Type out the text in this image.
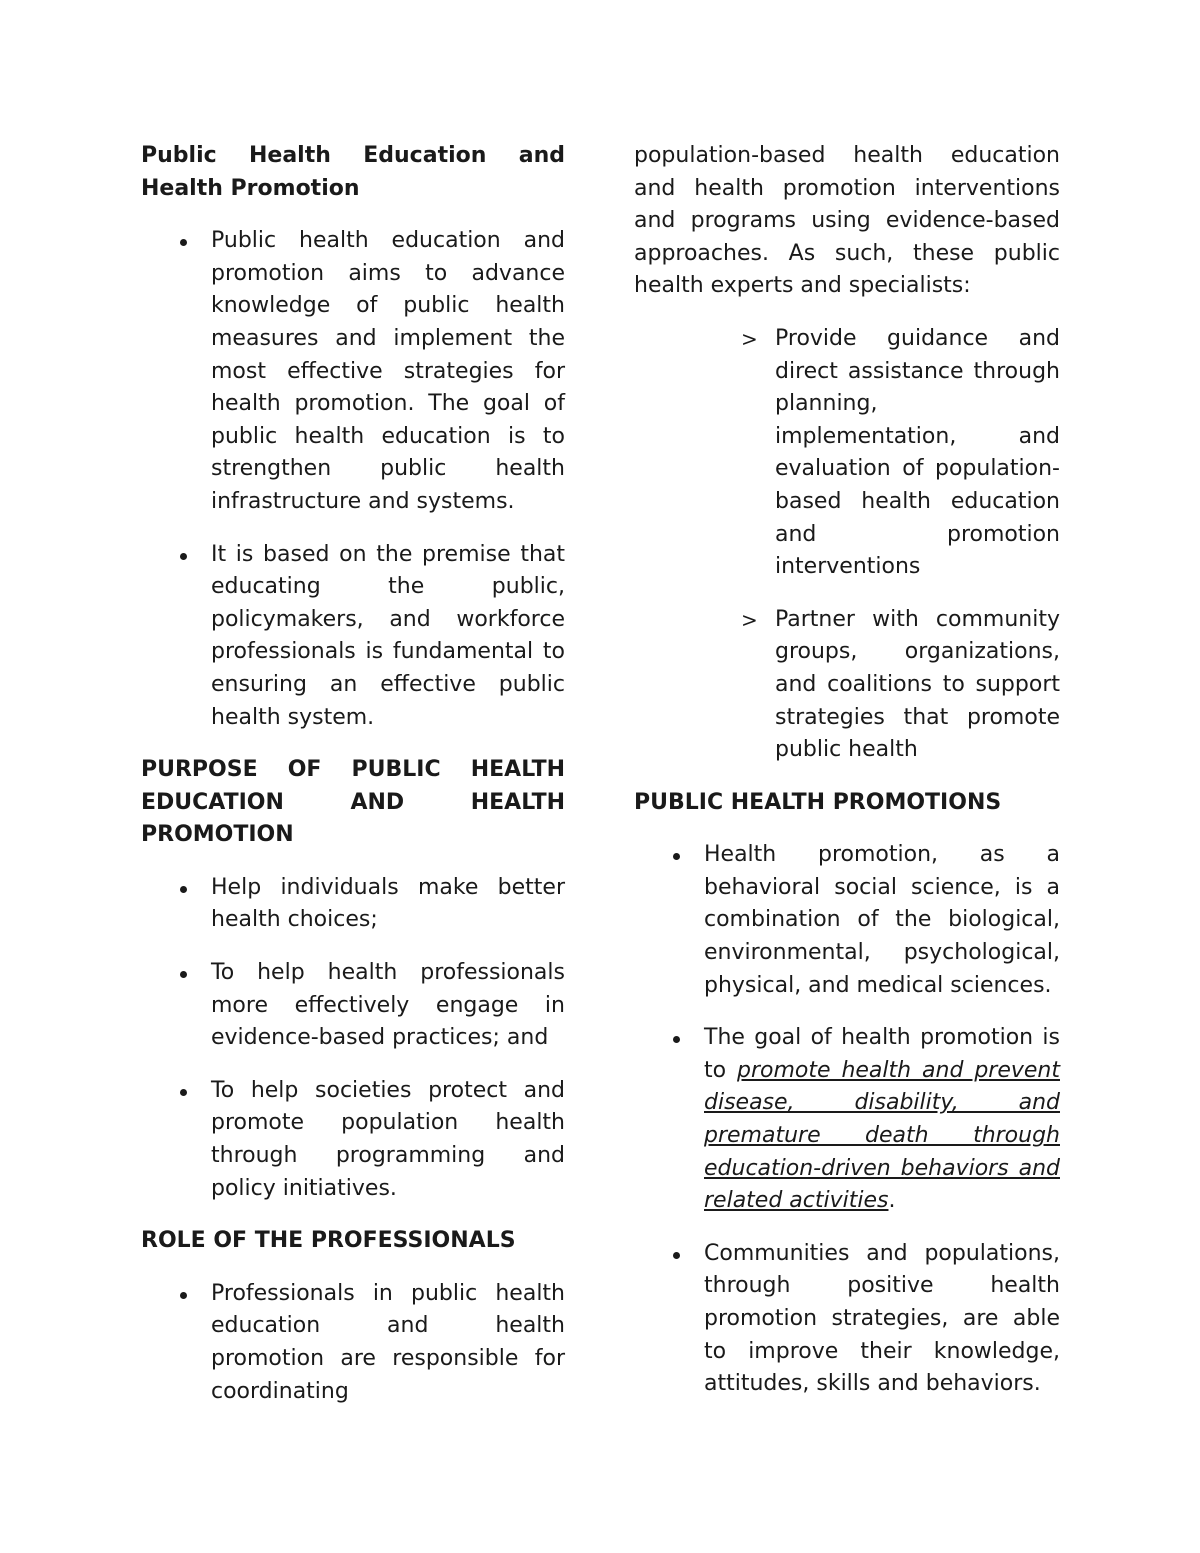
Public Health Education and Health Promotion
Public health education and promotion aims to advance knowledge of public health measures and implement the most effective strategies for health promotion. The goal of public health education is to strengthen public health infrastructure and systems.
It is based on the premise that educating the public, policymakers, and workforce professionals is fundamental to ensuring an effective public health system.
PURPOSE OF PUBLIC HEALTH EDUCATION AND HEALTH
PROMOTION
Help individuals make better health choices;
To help health professionals more effectively engage in evidence-based practices; and
To help societies protect and promote population health through programming and policy initiatives.
ROLE OF THE PROFESSIONALS
Professionals in public health education and health promotion are responsible for coordinating

population-based health education and health promotion interventions and programs using evidence-based approaches. As such, these public health experts and specialists:

> Provide guidance and direct assistance through planning, implementation, and evaluation of population-based health education and promotion interventions
> Partner with community groups, organizations, and coalitions to support strategies that promote public health
PUBLIC HEALTH PROMOTIONS
Health promotion, as a behavioral social science, is a combination of the biological, environmental, psychological, physical, and medical sciences.
The goal of health promotion is to promote health and prevent disease, disability, and premature death through education-driven behaviors and related activities.
Communities and populations, through positive health promotion strategies, are able to improve their knowledge, attitudes, skills and behaviors.
